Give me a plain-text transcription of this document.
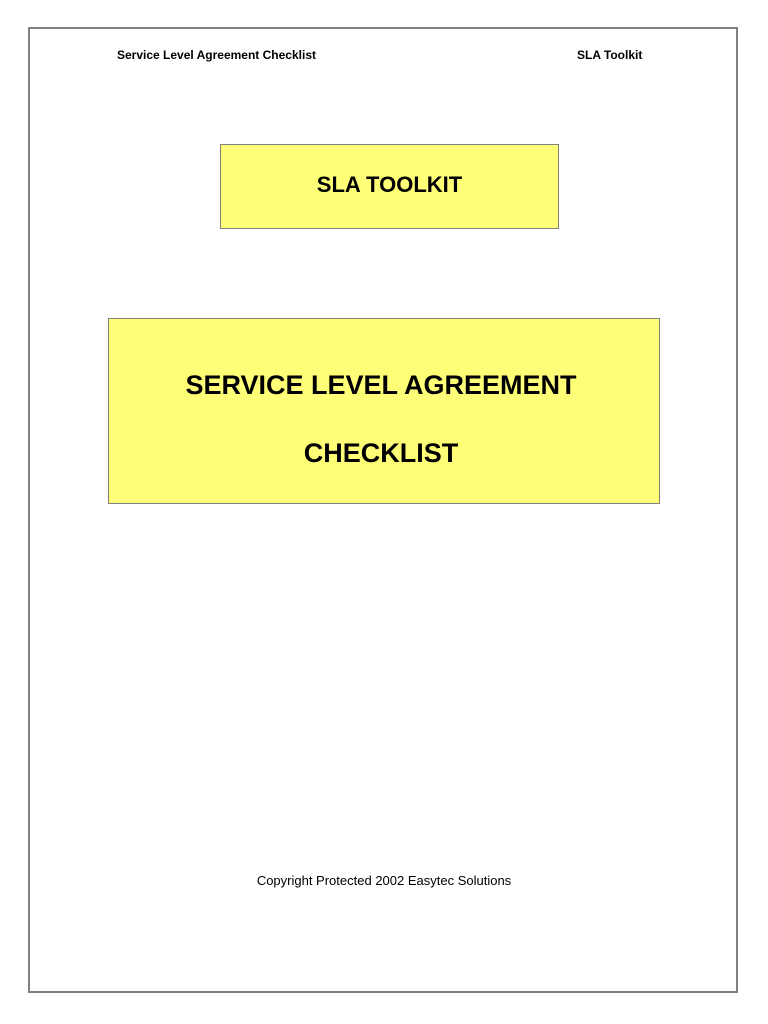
Service Level Agreement Checklist	SLA Toolkit
SLA TOOLKIT
SERVICE LEVEL AGREEMENT
CHECKLIST
Copyright Protected 2002 Easytec Solutions
